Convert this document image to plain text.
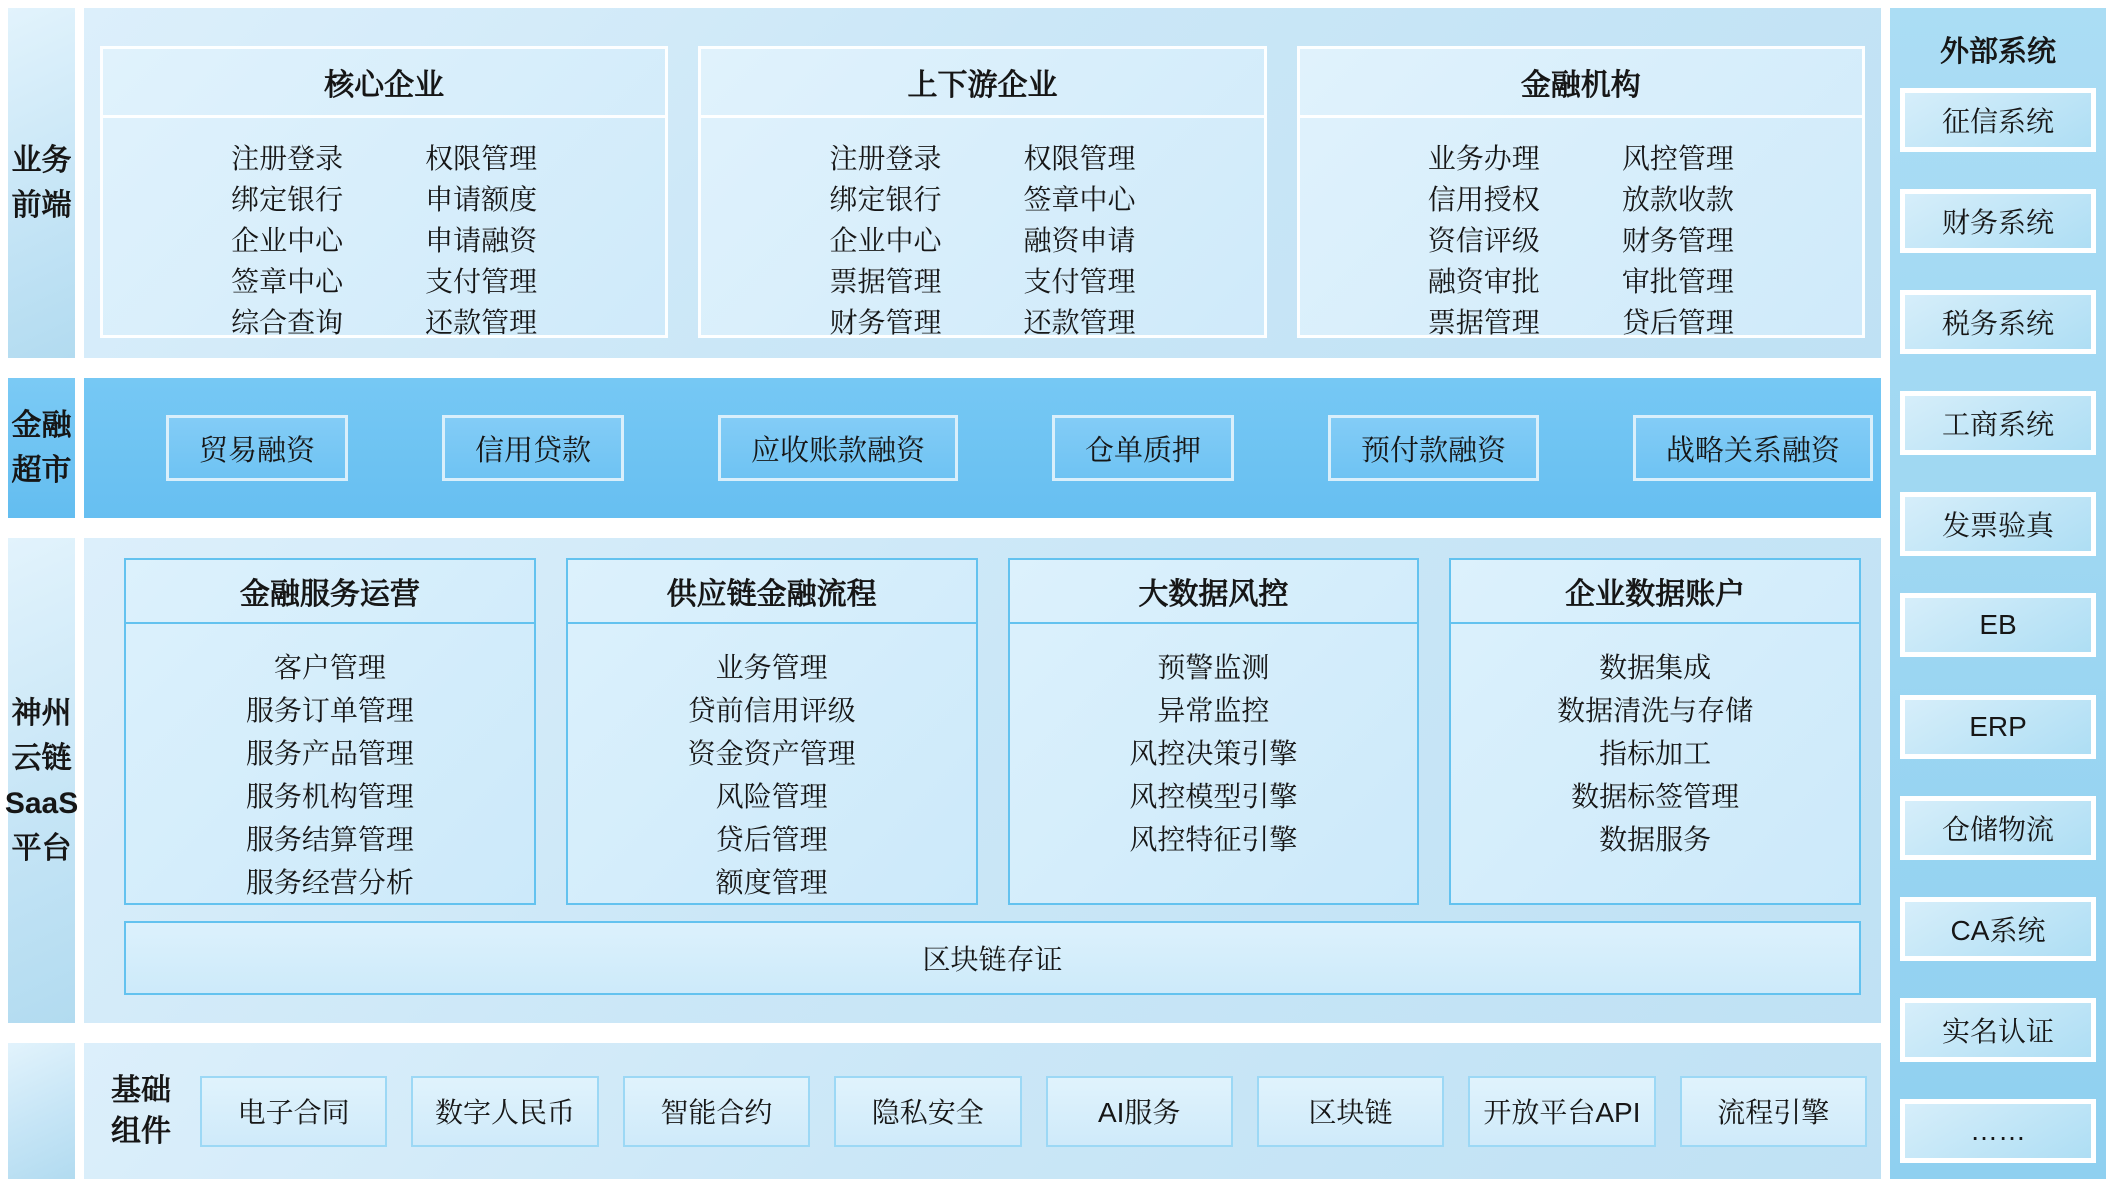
业务
前端
金融
超市
神州
云链
SaaS
平台
核心企业
注册登录
绑定银行
企业中心
签章中心
综合查询
权限管理
申请额度
申请融资
支付管理
还款管理
上下游企业
注册登录
绑定银行
企业中心
票据管理
财务管理
权限管理
签章中心
融资申请
支付管理
还款管理
金融机构
业务办理
信用授权
资信评级
融资审批
票据管理
风控管理
放款收款
财务管理
审批管理
贷后管理
贸易融资	信用贷款	应收账款融资	仓单质押	预付款融资	战略关系融资
金融服务运营
客户管理
服务订单管理
服务产品管理
服务机构管理
服务结算管理
服务经营分析
供应链金融流程
业务管理
贷前信用评级
资金资产管理
风险管理
贷后管理
额度管理
大数据风控
预警监测
异常监控
风控决策引擎
风控模型引擎
风控特征引擎
企业数据账户
数据集成
数据清洗与存储
指标加工
数据标签管理
数据服务
区块链存证
基础
组件
电子合同	数字人民币	智能合约	隐私安全	AI服务	区块链	开放平台API	流程引擎
外部系统
征信系统
财务系统
税务系统
工商系统
发票验真
EB
ERP
仓储物流
CA系统
实名认证
……
